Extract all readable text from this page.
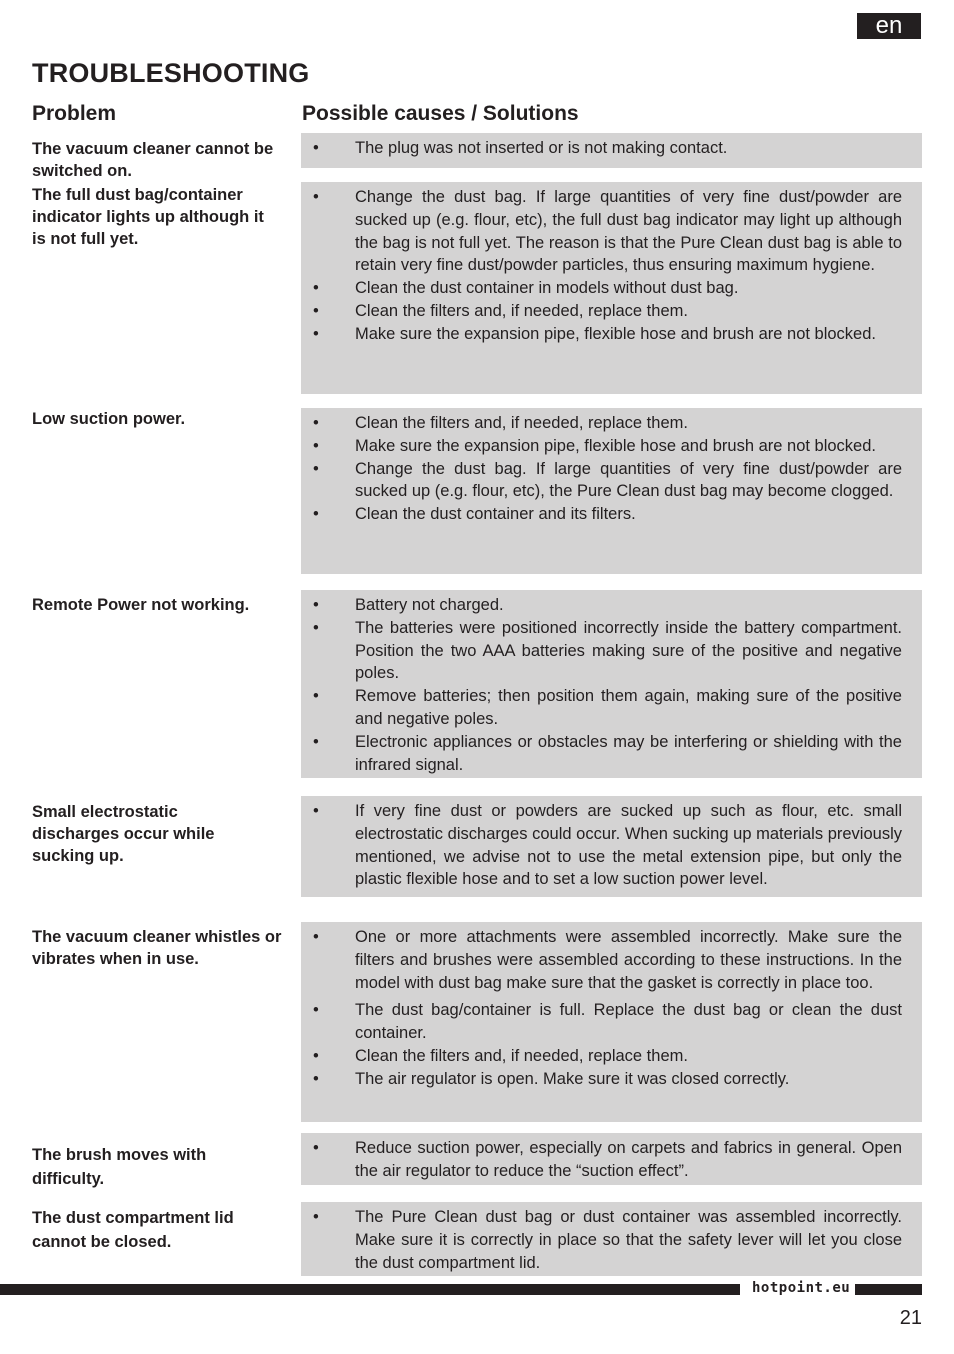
en
TROUBLESHOOTING
Problem	Possible causes / Solutions
The vacuum cleaner cannot be switched on.
•	The plug was not inserted or is not making contact.
The full dust bag/container indicator lights up although it is not full yet.
•	Change the dust bag. If large quantities of very fine dust/powder are sucked up (e.g. flour, etc), the full dust bag indicator may light up although the bag is not full yet. The reason is that the Pure Clean dust bag is able to retain very fine dust/powder particles, thus ensuring maximum hygiene.
•	Clean the dust container in models without dust bag.
•	Clean the filters and, if needed, replace them.
•	Make sure the expansion pipe, flexible hose and brush are not blocked.
Low suction power.	•	Clean the filters and, if needed, replace them.
•	Make sure the expansion pipe, flexible hose and brush are not blocked.
•	Change the dust bag. If large quantities of very fine dust/powder are sucked up (e.g. flour, etc), the Pure Clean dust bag may become clogged.
•	Clean the dust container and its filters.
Remote Power not working.	•	Battery not charged.
•	The batteries were positioned incorrectly inside the battery compartment. Position the two AAA batteries making sure of the positive and negative poles.
•	Remove batteries; then position them again, making sure of the positive and negative poles.
•	Electronic appliances or obstacles may be interfering or shielding with the infrared signal.
Small electrostatic discharges occur while sucking up.
•	If very fine dust or powders are sucked up such as flour, etc. small electrostatic discharges could occur. When sucking up materials previously mentioned, we advise not to use the metal extension pipe, but only the plastic flexible hose and to set a low suction power level.
The vacuum cleaner whistles or vibrates when in use.
•	One or more attachments were assembled incorrectly. Make sure the filters and brushes were assembled according to these instructions. In the model with dust bag make sure that the gasket is correctly in place too.
•	The dust bag/container is full. Replace the dust bag or clean the dust container.
•	Clean the filters and, if needed, replace them.
•	The air regulator is open. Make sure it was closed correctly.
The brush moves with difficulty.
•	Reduce suction power, especially on carpets and fabrics in general. Open the air regulator to reduce the “suction effect”.
The dust compartment lid cannot be closed.
•	The Pure Clean dust bag or dust container was assembled incorrectly. Make sure it is correctly in place so that the safety lever will let you close the dust compartment lid.
hotpoint.eu
21
